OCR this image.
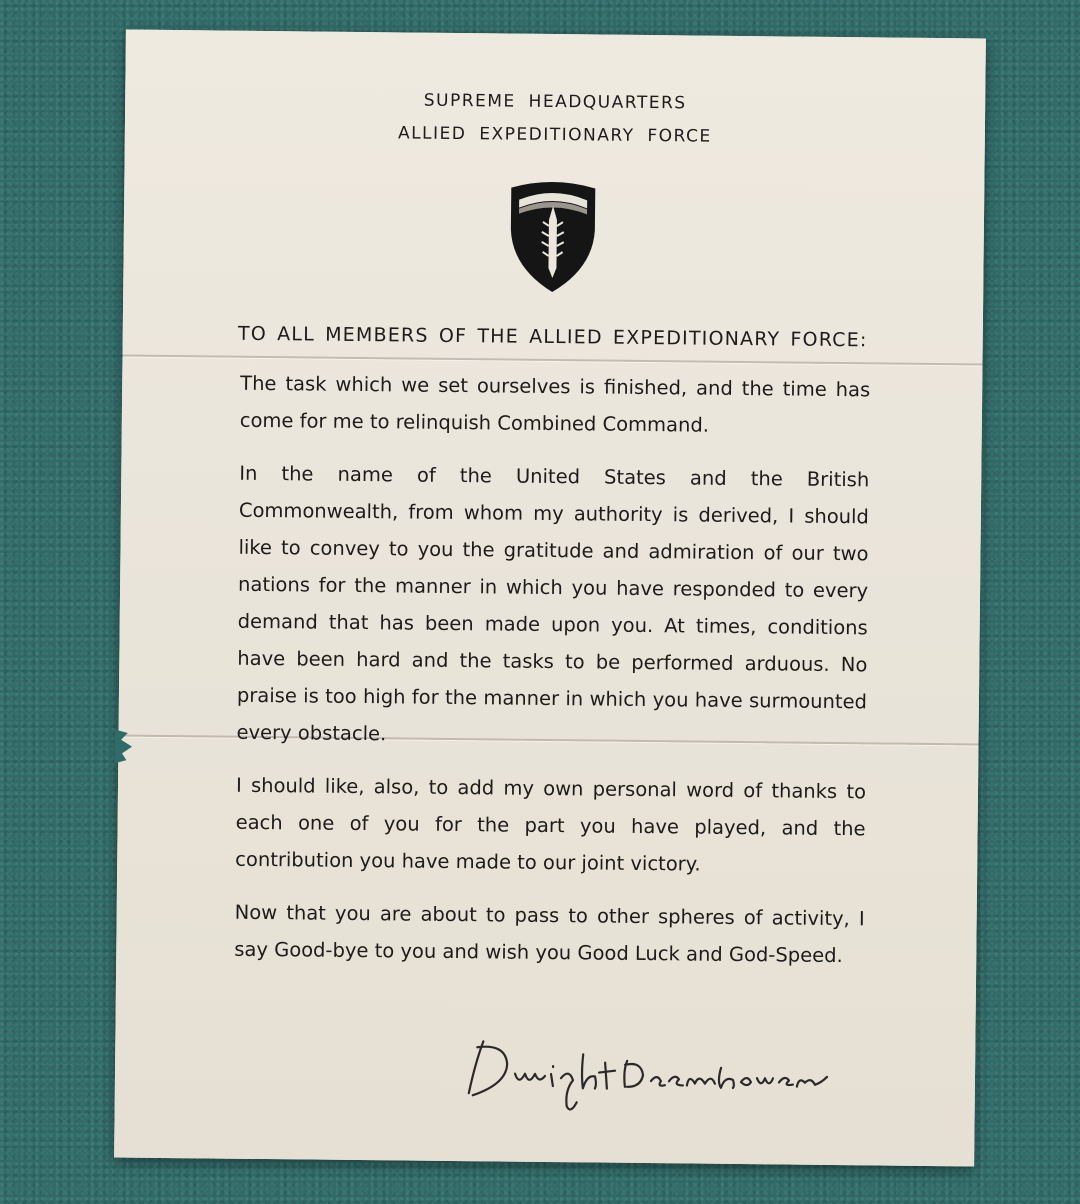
SUPREME HEADQUARTERS
ALLIED EXPEDITIONARY FORCE
TO ALL MEMBERS OF THE ALLIED EXPEDITIONARY FORCE:

The task which we set ourselves is finished, and the time has come for me to relinquish Combined Command.

In the name of the United States and the British Commonwealth, from whom my authority is derived, I should like to convey to you the gratitude and admiration of our two nations for the manner in which you have responded to every demand that has been made upon you. At times, conditions have been hard and the tasks to be performed arduous. No praise is too high for the manner in which you have surmounted every obstacle.

I should like, also, to add my own personal word of thanks to each one of you for the part you have played, and the contribution you have made to our joint victory.

Now that you are about to pass to other spheres of activity, I say Good-bye to you and wish you Good Luck and God-Speed.
